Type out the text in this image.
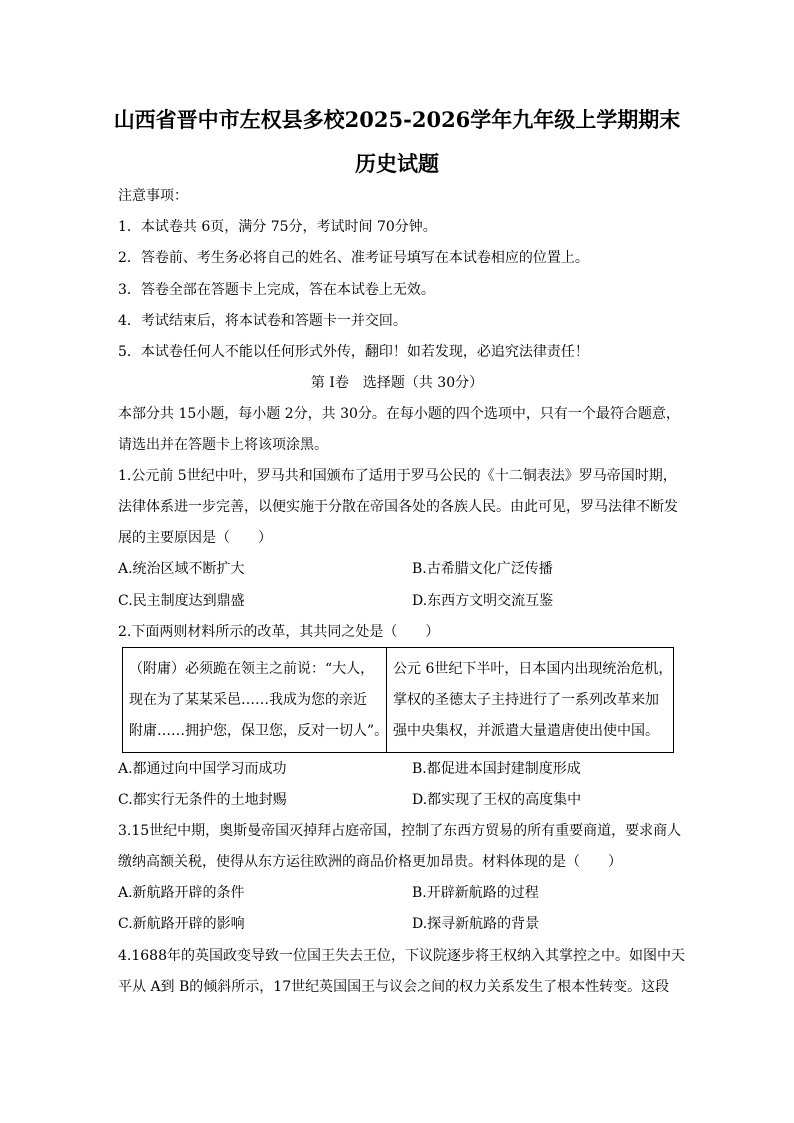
山西省晋中市左权县多校2025-2026学年九年级上学期期末
历史试题
注意事项：
1．本试卷共 6页，满分 75分，考试时间 70分钟。
2．答卷前、考生务必将自己的姓名、准考证号填写在本试卷相应的位置上。
3．答卷全部在答题卡上完成，答在本试卷上无效。
4．考试结束后，将本试卷和答题卡一并交回。
5．本试卷任何人不能以任何形式外传，翻印！如若发现，必追究法律责任！
第 I卷　选择题（共 30分）
本部分共 15小题，每小题 2分，共 30分。在每小题的四个选项中，只有一个最符合题意，
请选出并在答题卡上将该项涂黑。
1.公元前 5世纪中叶，罗马共和国颁布了适用于罗马公民的《十二铜表法》罗马帝国时期，
法律体系进一步完善，以便实施于分散在帝国各处的各族人民。由此可见，罗马法律不断发
展的主要原因是（　　）
A.统治区域不断扩大	B.古希腊文化广泛传播
C.民主制度达到鼎盛	D.东西方文明交流互鉴
2.下面两则材料所示的改革，其共同之处是（　　）
（附庸）必须跪在领主之前说：“大人，
现在为了某某采邑……我成为您的亲近
附庸……拥护您，保卫您，反对一切人”。
公元 6世纪下半叶，日本国内出现统治危机，
掌权的圣德太子主持进行了一系列改革来加
强中央集权，并派遣大量遣唐使出使中国。
A.都通过向中国学习而成功	B.都促进本国封建制度形成
C.都实行无条件的土地封赐	D.都实现了王权的高度集中
3.15世纪中期，奥斯曼帝国灭掉拜占庭帝国，控制了东西方贸易的所有重要商道，要求商人
缴纳高额关税，使得从东方运往欧洲的商品价格更加昂贵。材料体现的是（　　）
A.新航路开辟的条件	B.开辟新航路的过程
C.新航路开辟的影响	D.探寻新航路的背景
4.1688年的英国政变导致一位国王失去王位，下议院逐步将王权纳入其掌控之中。如图中天
平从 A到 B的倾斜所示，17世纪英国国王与议会之间的权力关系发生了根本性转变。这段
